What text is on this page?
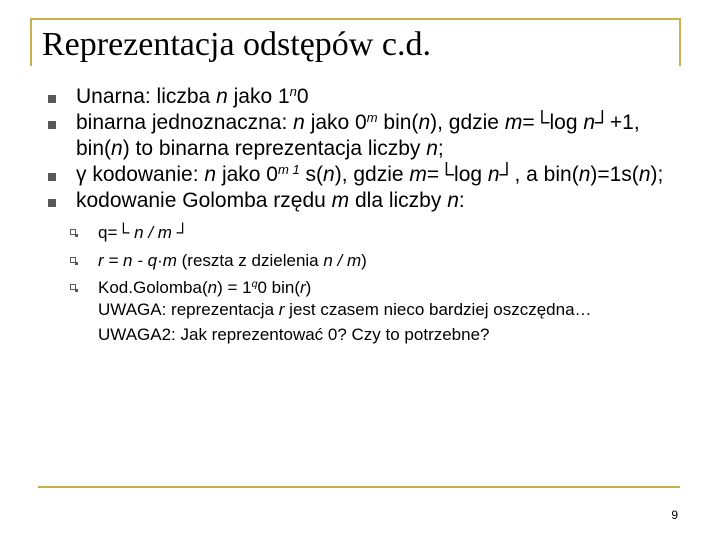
Reprezentacja odstępów c.d.
Unarna: liczba n jako 1$^n$0
binarna jednoznaczna: n jako 0$^m$ bin(n), gdzie m=└log n┘+1, bin(n) to binarna reprezentacja liczby n;
γ kodowanie: n jako $0^{m 1}$ s(n), gdzie m=└log n┘, a bin(n)=1s(n);
kodowanie Golomba rzędu m dla liczby n:
q=└ n / m ┘
r = n - q·m (reszta z dzielenia n / m)
Kod.Golomba(n) = $1^q0$ bin(r)
UWAGA: reprezentacja r jest czasem nieco bardziej oszczędna…
UWAGA2: Jak reprezentować 0? Czy to potrzebne?
9
